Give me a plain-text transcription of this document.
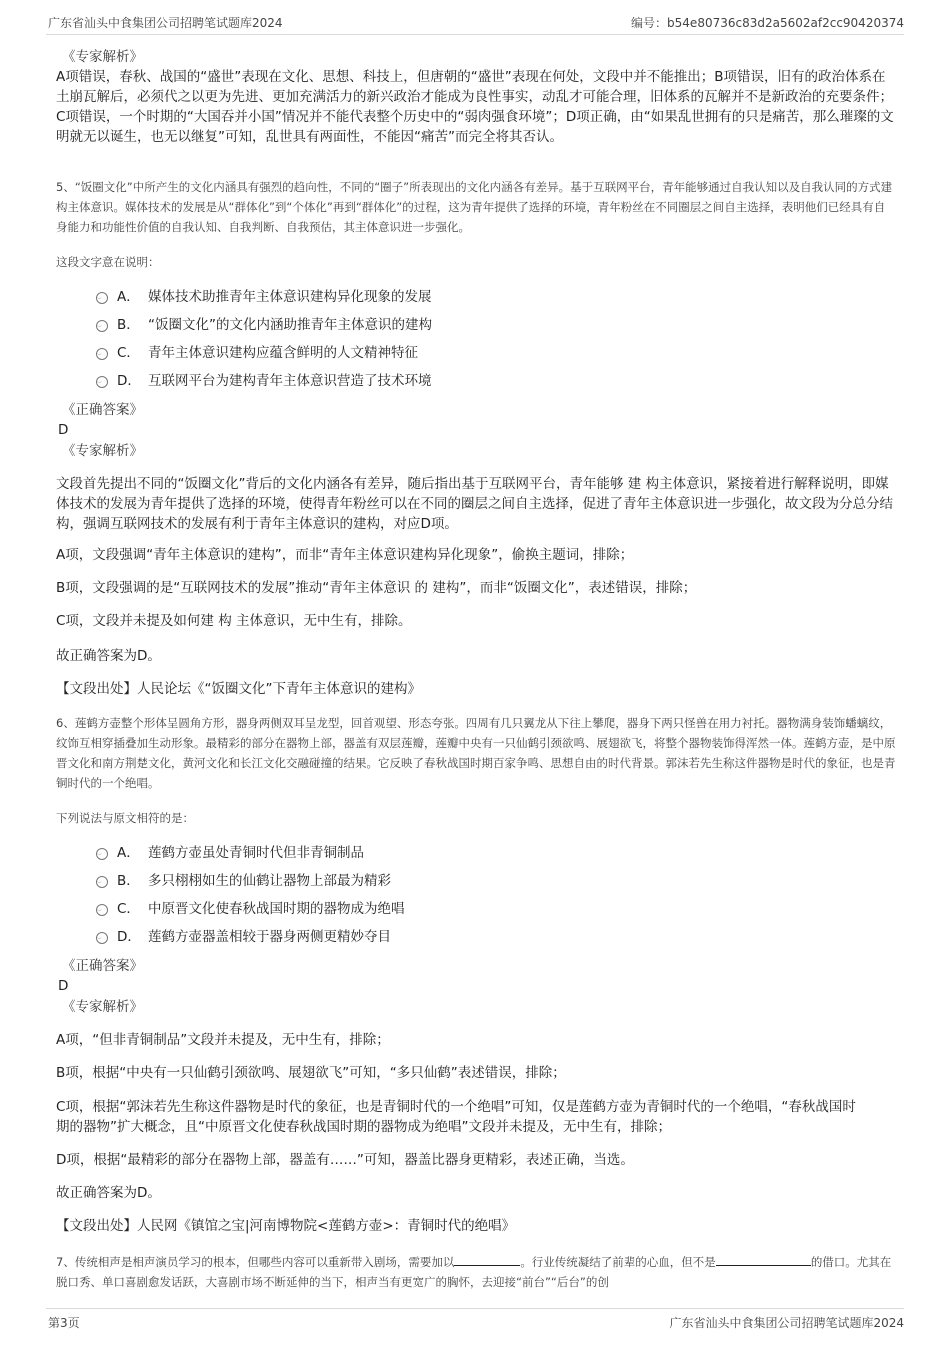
广东省汕头中食集团公司招聘笔试题库2024	编号：b54e80736c83d2a5602af2cc90420374
《专家解析》
A项错误，春秋、战国的“盛世”表现在文化、思想、科技上，但唐朝的“盛世”表现在何处，文段中并不能推出；B项错误，旧有的政治体系在土崩瓦解后，必须代之以更为先进、更加充满活力的新兴政治才能成为良性事实，动乱才可能合理，旧体系的瓦解并不是新政治的充要条件；C项错误，一个时期的“大国吞并小国”情况并不能代表整个历史中的“弱肉强食环境”；D项正确，由“如果乱世拥有的只是痛苦，那么璀璨的文明就无以诞生，也无以继复”可知，乱世具有两面性，不能因“痛苦”而完全将其否认。
5、“饭圈文化”中所产生的文化内涵具有强烈的趋向性，不同的“圈子”所表现出的文化内涵各有差异。基于互联网平台，青年能够通过自我认知以及自我认同的方式建构主体意识。媒体技术的发展是从“群体化”到“个体化”再到“群体化”的过程，这为青年提供了选择的环境，青年粉丝在不同圈层之间自主选择，表明他们已经具有自身能力和功能性价值的自我认知、自我判断、自我预估，其主体意识进一步强化。
这段文字意在说明：
A． 媒体技术助推青年主体意识建构异化现象的发展
B． “饭圈文化”的文化内涵助推青年主体意识的建构
C． 青年主体意识建构应蕴含鲜明的人文精神特征
D． 互联网平台为建构青年主体意识营造了技术环境
《正确答案》
D
《专家解析》
文段首先提出不同的“饭圈文化”背后的文化内涵各有差异，随后指出基于互联网平台，青年能够 建 构主体意识，紧接着进行解释说明，即媒体技术的发展为青年提供了选择的环境，使得青年粉丝可以在不同的圈层之间自主选择，促进了青年主体意识进一步强化，故文段为分总分结构，强调互联网技术的发展有利于青年主体意识的建构，对应D项。
A项，文段强调“青年主体意识的建构”，而非“青年主体意识建构异化现象”，偷换主题词，排除；
B项，文段强调的是“互联网技术的发展”推动“青年主体意识 的 建构”，而非“饭圈文化”，表述错误，排除；
C项，文段并未提及如何建 构 主体意识，无中生有，排除。
故正确答案为D。
【文段出处】人民论坛《“饭圈文化”下青年主体意识的建构》
6、莲鹤方壶整个形体呈圆角方形，器身两侧双耳呈龙型，回首观望、形态夸张。四周有几只翼龙从下往上攀爬，器身下两只怪兽在用力衬托。器物满身装饰蟠螭纹，纹饰互相穿插叠加生动形象。最精彩的部分在器物上部，器盖有双层莲瓣，莲瓣中央有一只仙鹤引颈欲鸣、展翅欲飞，将整个器物装饰得浑然一体。莲鹤方壶，是中原晋文化和南方荆楚文化，黄河文化和长江文化交融碰撞的结果。它反映了春秋战国时期百家争鸣、思想自由的时代背景。郭沫若先生称这件器物是时代的象征，也是青铜时代的一个绝唱。
下列说法与原文相符的是：
A． 莲鹤方壶虽处青铜时代但非青铜制品
B． 多只栩栩如生的仙鹤让器物上部最为精彩
C． 中原晋文化使春秋战国时期的器物成为绝唱
D． 莲鹤方壶器盖相较于器身两侧更精妙夺目
《正确答案》
D
《专家解析》
A项，“但非青铜制品”文段并未提及，无中生有，排除；
B项，根据“中央有一只仙鹤引颈欲鸣、展翅欲飞”可知，“多只仙鹤”表述错误，排除；
C项，根据“郭沫若先生称这件器物是时代的象征，也是青铜时代的一个绝唱”可知，仅是莲鹤方壶为青铜时代的一个绝唱，“春秋战国时期的器物”扩大概念，且“中原晋文化使春秋战国时期的器物成为绝唱”文段并未提及，无中生有，排除；
D项，根据“最精彩的部分在器物上部，器盖有……”可知，器盖比器身更精彩，表述正确，当选。
故正确答案为D。
【文段出处】人民网《镇馆之宝|河南博物院<莲鹤方壶>：青铜时代的绝唱》
7、传统相声是相声演员学习的根本，但哪些内容可以重新带入剧场，需要加以	。行业传统凝结了前辈的心血，但不是	的借口。尤其在脱口秀、单口喜剧愈发话跃，大喜剧市场不断延伸的当下，相声当有更宽广的胸怀，去迎接“前台”“后台”的创
第3页	广东省汕头中食集团公司招聘笔试题库2024
